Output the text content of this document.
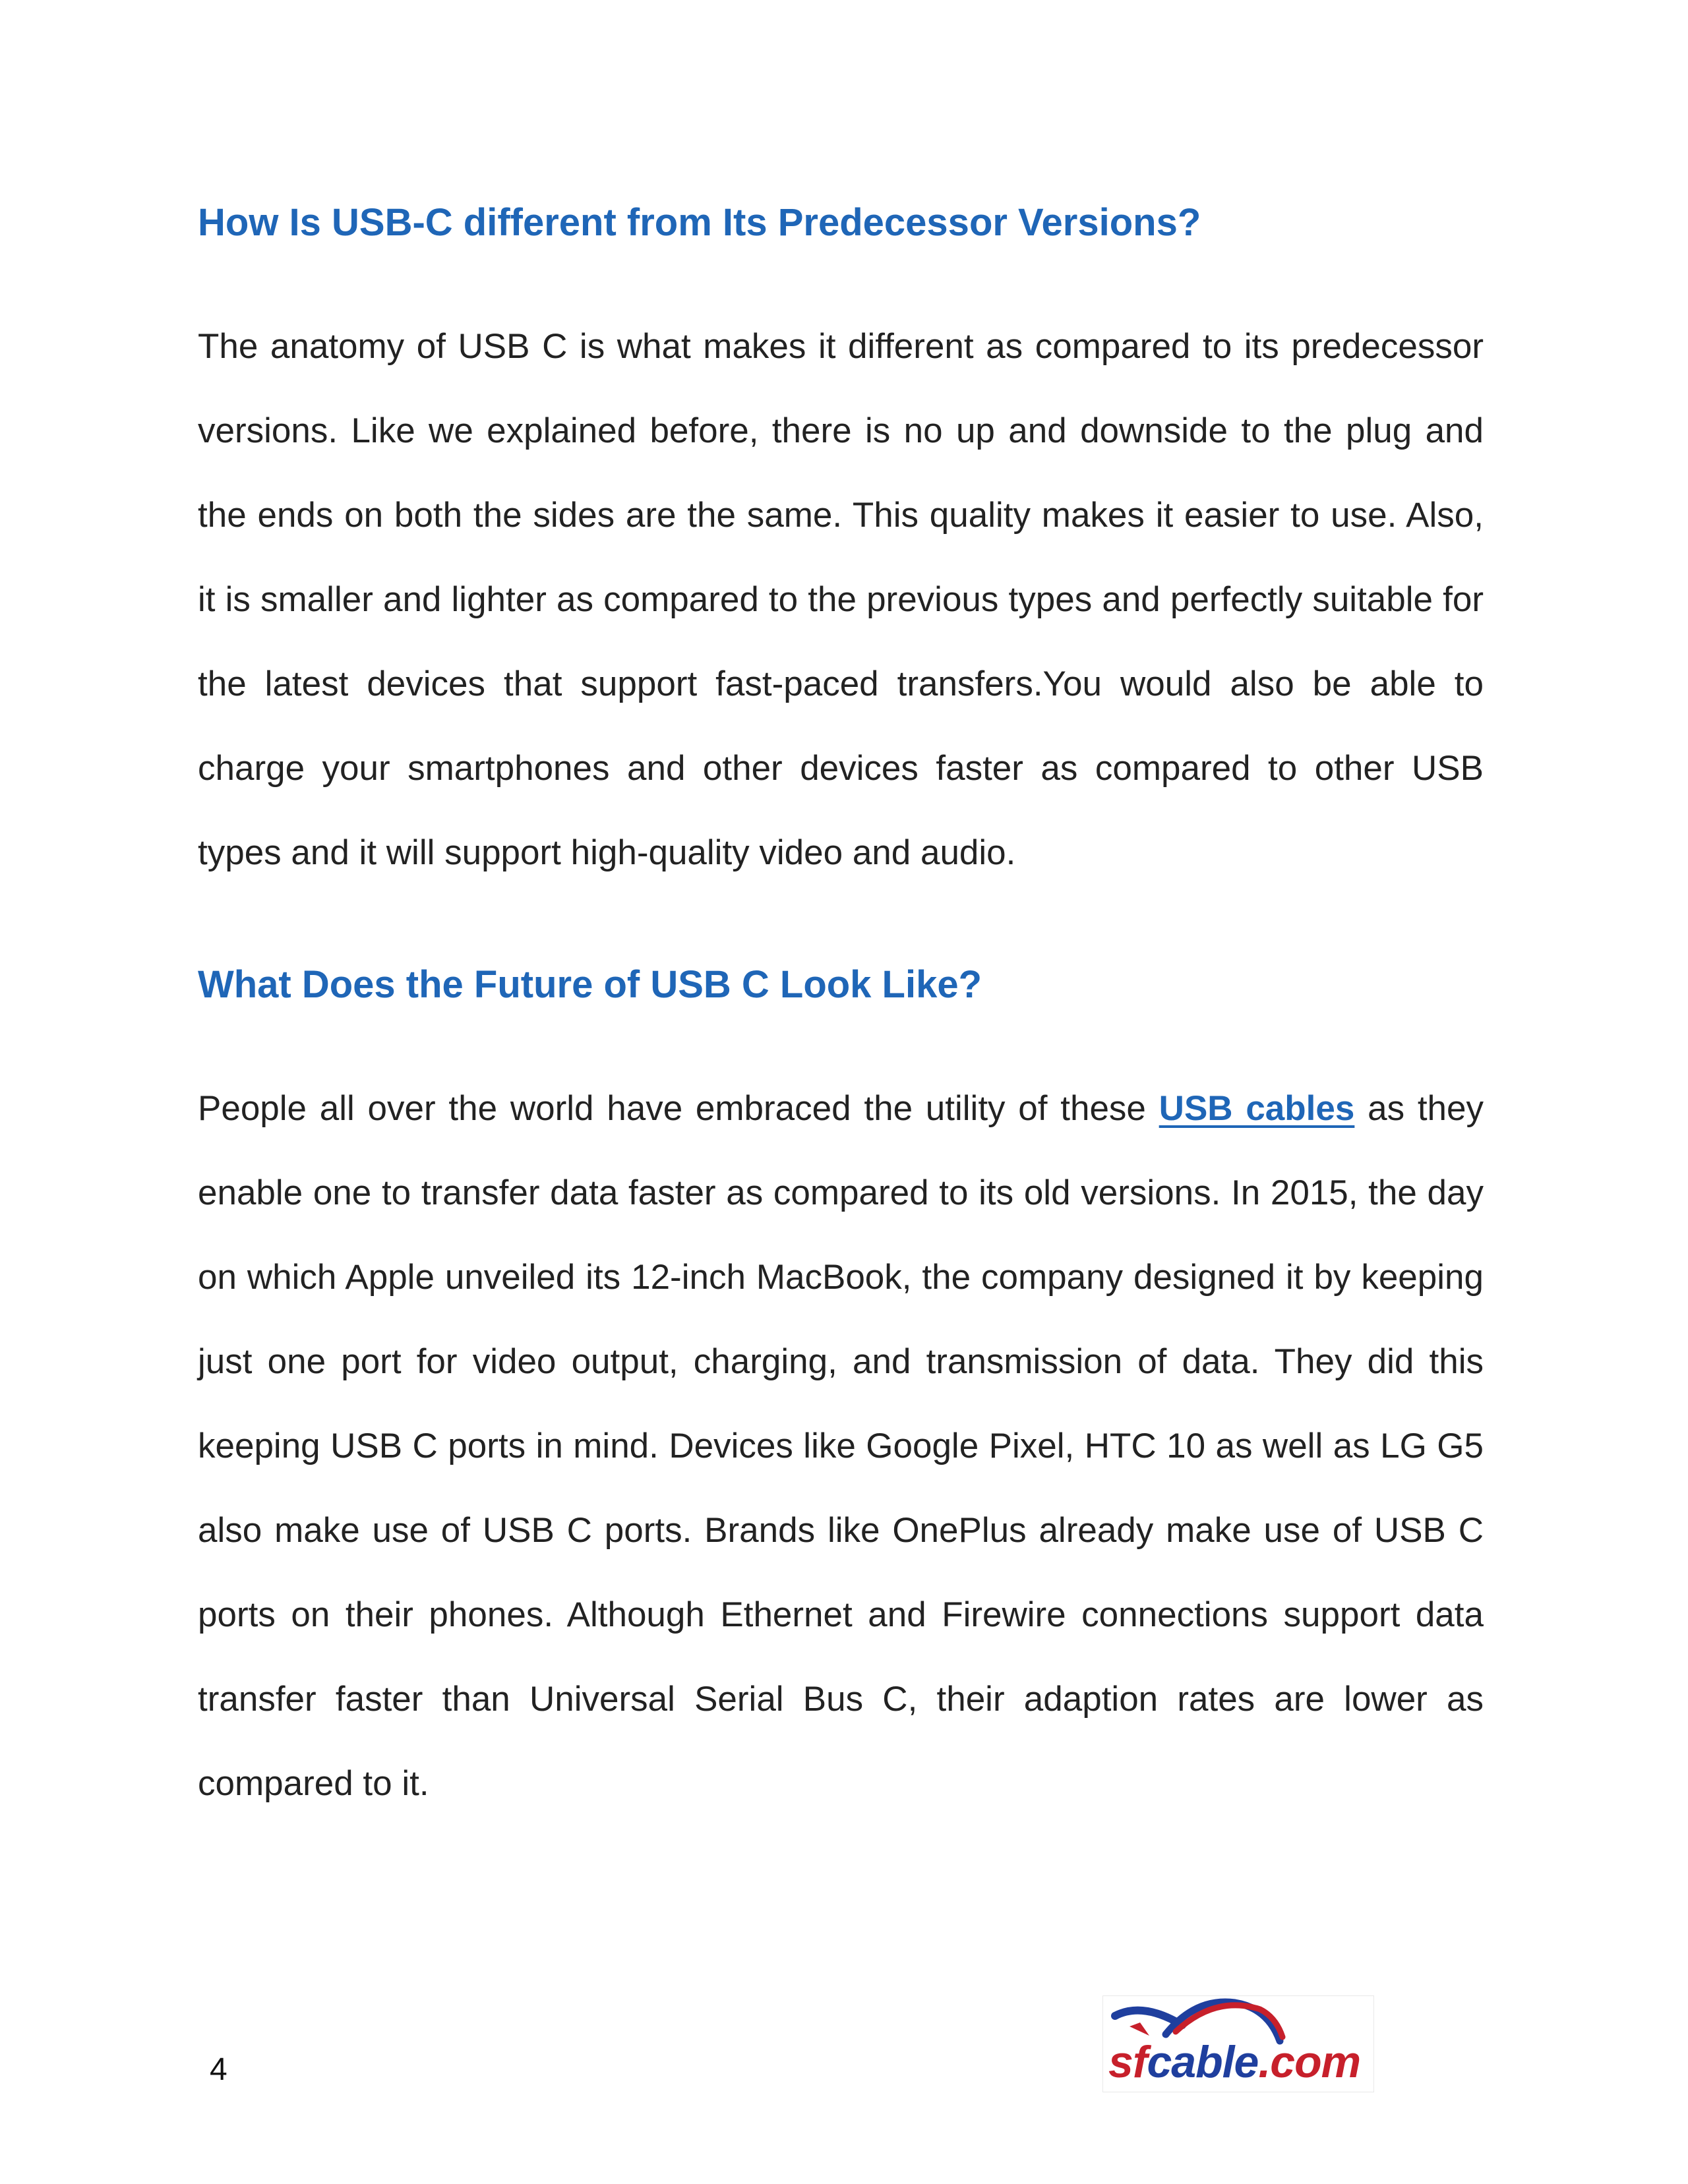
How Is USB-C different from Its Predecessor Versions?

The anatomy of USB C is what makes it different as compared to its predecessor versions. Like we explained before, there is no up and downside to the plug and the ends on both the sides are the same. This quality makes it easier to use. Also, it is smaller and lighter as compared to the previous types and perfectly suitable for the latest devices that support fast-paced transfers.You would also be able to charge your smartphones and other devices faster as compared to other USB types and it will support high-quality video and audio.

What Does the Future of USB C Look Like?

People all over the world have embraced the utility of these USB cables as they enable one to transfer data faster as compared to its old versions. In 2015, the day on which Apple unveiled its 12-inch MacBook, the company designed it by keeping just one port for video output, charging, and transmission of data. They did this keeping USB C ports in mind. Devices like Google Pixel, HTC 10 as well as LG G5 also make use of USB C ports. Brands like OnePlus already make use of USB C ports on their phones. Although Ethernet and Firewire connections support data transfer faster than Universal Serial Bus C, their adaption rates are lower as compared to it.

4	sfcable.com
